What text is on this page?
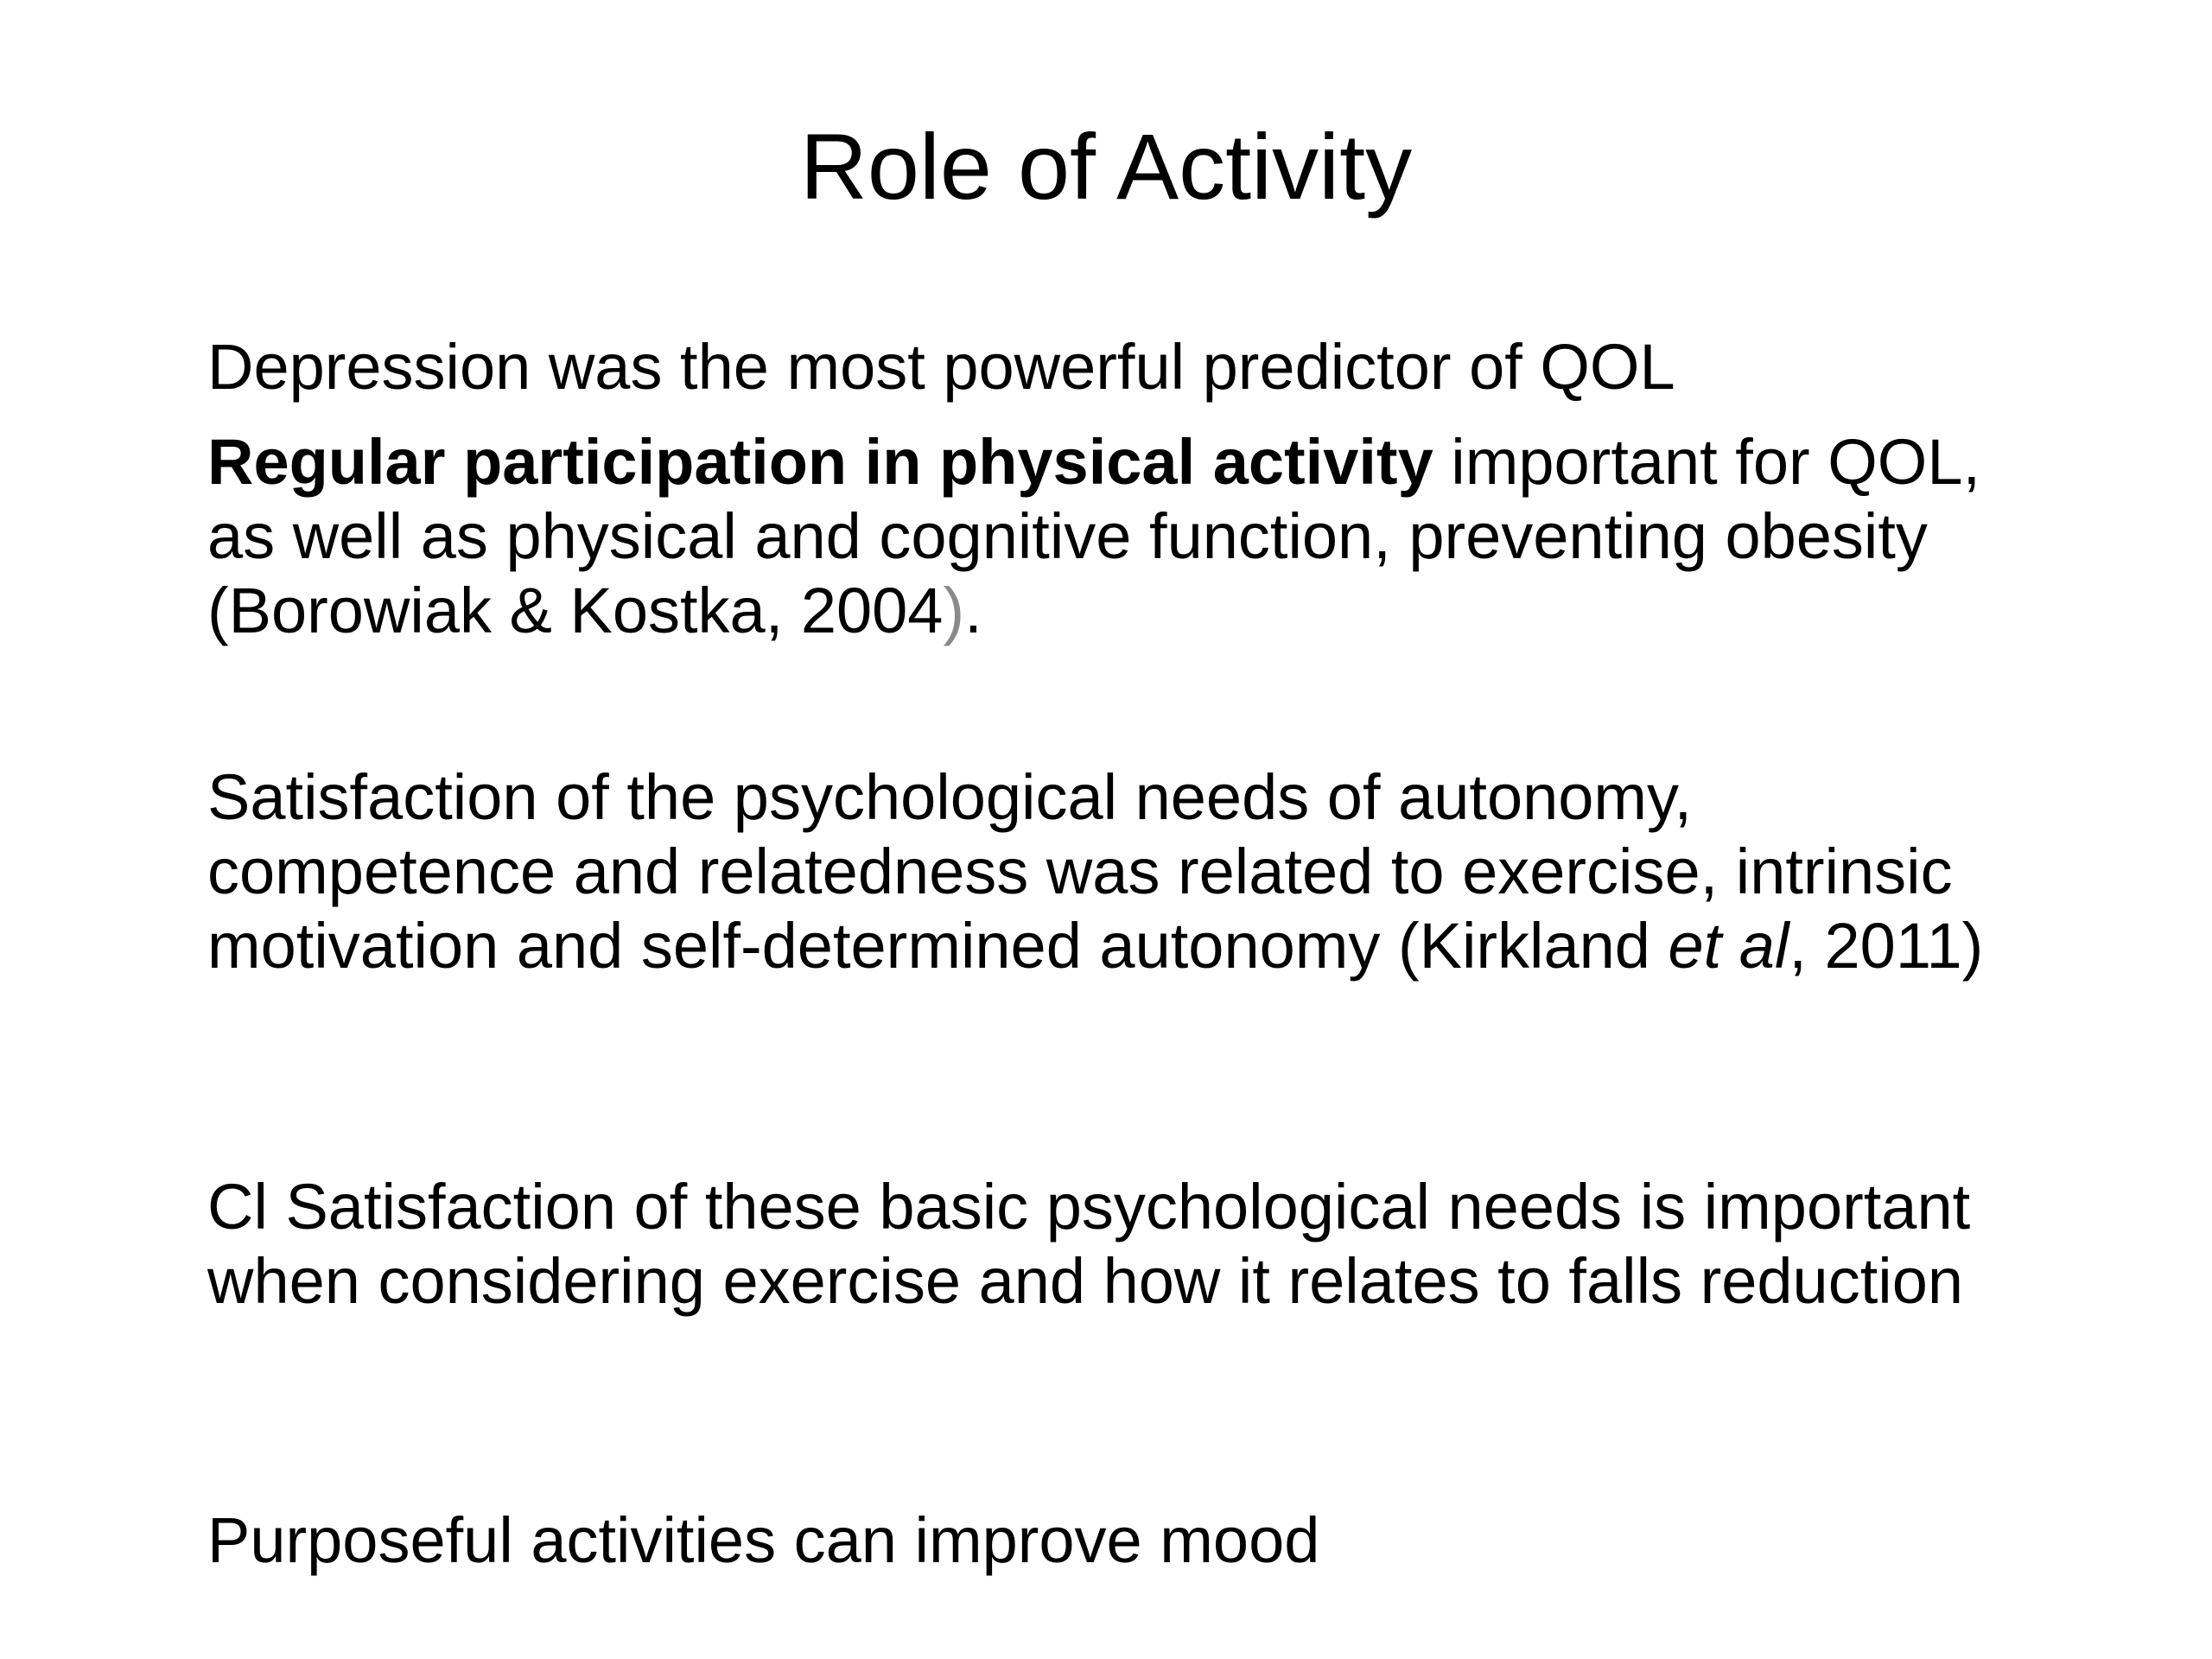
Role of Activity

Depression was the most powerful predictor of QOL

Regular participation in physical activity important for QOL, as well as physical and cognitive function, preventing obesity (Borowiak & Kostka, 2004).

Satisfaction of the psychological needs of autonomy, competence and relatedness was related to exercise, intrinsic motivation and self-determined autonomy (Kirkland et al, 2011)

Cl Satisfaction of these basic psychological needs is important when considering exercise and how it relates to falls reduction

Purposeful activities can improve mood
